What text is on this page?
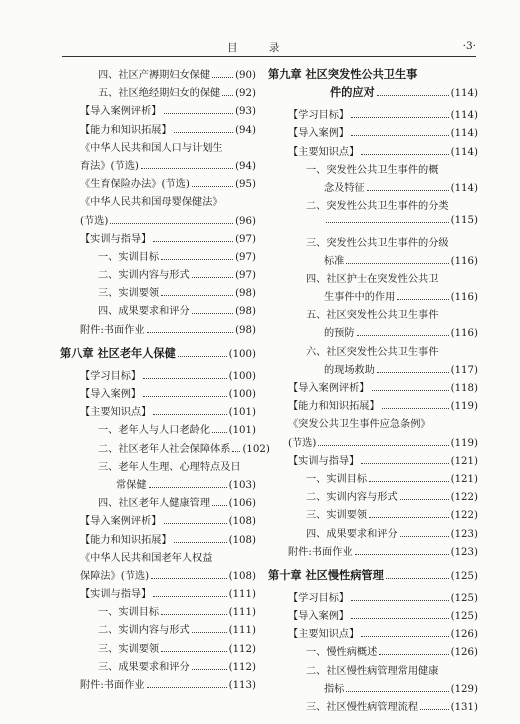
目 录	·3·
四、社区产褥期妇女保健 (90)
五、社区绝经期妇女的保健 (92)
【导入案例评析】	(93)
【能力和知识拓展】	(94)
《中华人民共和国人口与计划生
育法》(节选)	(94)
《生育保险办法》(节选)	(95)
《中华人民共和国母婴保健法》
(节选)	(96)
【实训与指导】	(97)
一、实训目标	(97)
二、实训内容与形式	(97)
三、实训要领	(98)
四、成果要求和评分	(98)
附件:书面作业	(98)
第八章 社区老年人保健	(100)
【学习目标】	(100)
【导入案例】	(100)
【主要知识点】	(101)
一、老年人与人口老龄化 (101)
二、社区老年人社会保障体系 (102)
三、老年人生理、心理特点及日
常保健	(103)
四、社区老年人健康管理 (106)
【导入案例评析】	(108)
【能力和知识拓展】	(108)
《中华人民共和国老年人权益
保障法》(节选)	(108)
【实训与指导】	(111)
一、实训目标	(111)
二、实训内容与形式	(111)
三、实训要领	(112)
三、成果要求和评分	(112)
附件:书面作业	(113)
第九章 社区突发性公共卫生事
件的应对	(114)
【学习目标】	(114)
【导入案例】	(114)
【主要知识点】	(114)
一、突发性公共卫生事件的概
念及特征	(114)
二、突发性公共卫生事件的分类
(115)
三、突发性公共卫生事件的分级
标准	(116)
四、社区护士在突发性公共卫
生事件中的作用	(116)
五、社区突发性公共卫生事件
的预防	(116)
六、社区突发性公共卫生事件
的现场救助	(117)
【导入案例评析】	(118)
【能力和知识拓展】	(119)
《突发公共卫生事件应急条例》
(节选)	(119)
【实训与指导】	(121)
一、实训目标	(121)
二、实训内容与形式	(122)
三、实训要领	(122)
四、成果要求和评分	(123)
附件:书面作业	(123)
第十章 社区慢性病管理	(125)
【学习目标】	(125)
【导入案例】	(125)
【主要知识点】	(126)
一、慢性病概述	(126)
二、社区慢性病管理常用健康
指标	(129)
三、社区慢性病管理流程	(131)
